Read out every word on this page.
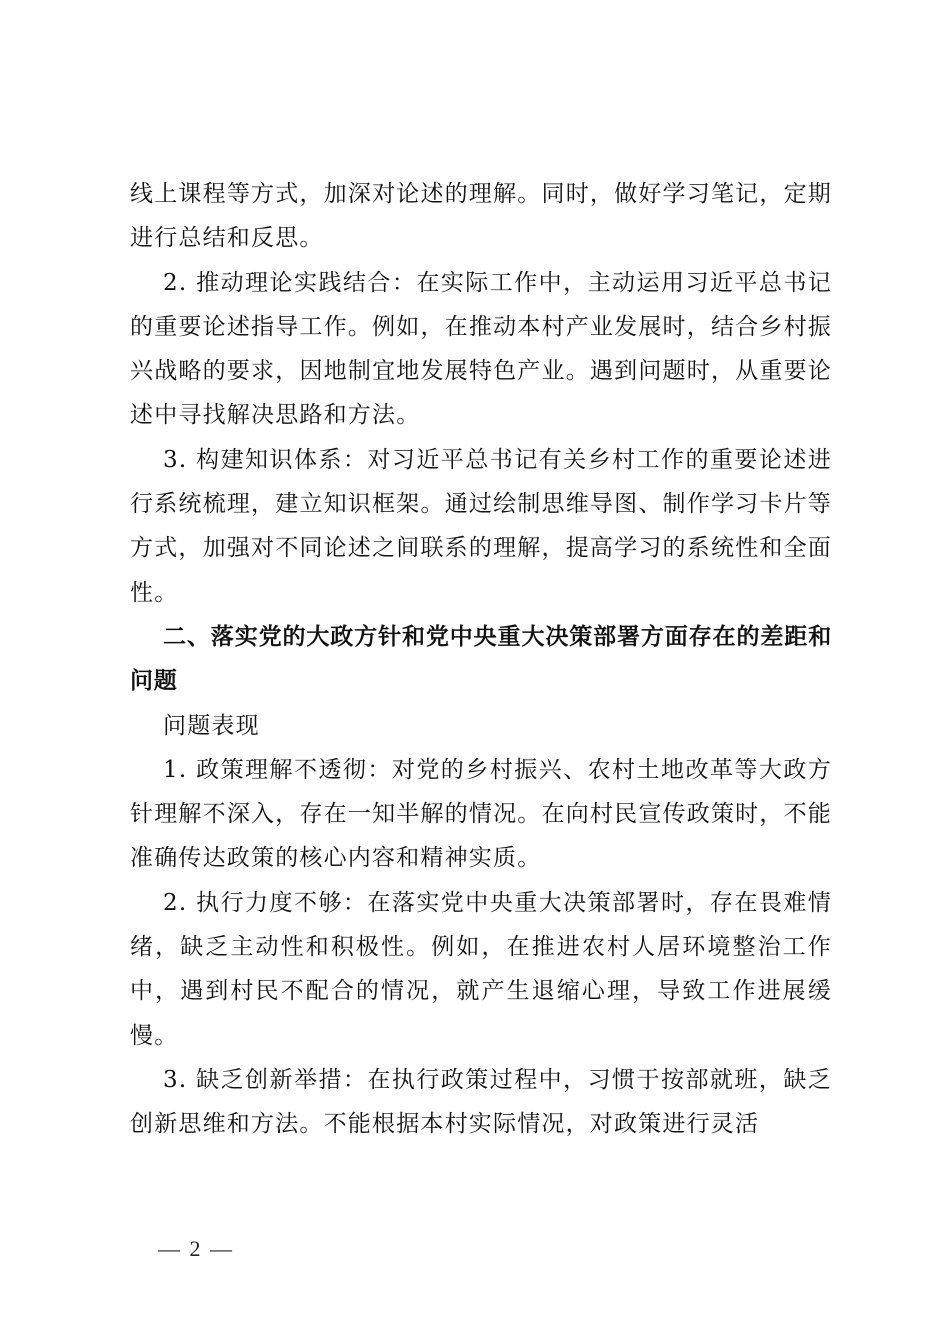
线上课程等方式，加深对论述的理解。同时，做好学习笔记，定期进行总结和反思。

2. 推动理论实践结合：在实际工作中，主动运用习近平总书记的重要论述指导工作。例如，在推动本村产业发展时，结合乡村振兴战略的要求，因地制宜地发展特色产业。遇到问题时，从重要论述中寻找解决思路和方法。

3. 构建知识体系：对习近平总书记有关乡村工作的重要论述进行系统梳理，建立知识框架。通过绘制思维导图、制作学习卡片等方式，加强对不同论述之间联系的理解，提高学习的系统性和全面性。

二、落实党的大政方针和党中央重大决策部署方面存在的差距和问题

问题表现

1. 政策理解不透彻：对党的乡村振兴、农村土地改革等大政方针理解不深入，存在一知半解的情况。在向村民宣传政策时，不能准确传达政策的核心内容和精神实质。

2. 执行力度不够：在落实党中央重大决策部署时，存在畏难情绪，缺乏主动性和积极性。例如，在推进农村人居环境整治工作中，遇到村民不配合的情况，就产生退缩心理，导致工作进展缓慢。

3. 缺乏创新举措：在执行政策过程中，习惯于按部就班，缺乏创新思维和方法。不能根据本村实际情况，对政策进行灵活

— 2 —
